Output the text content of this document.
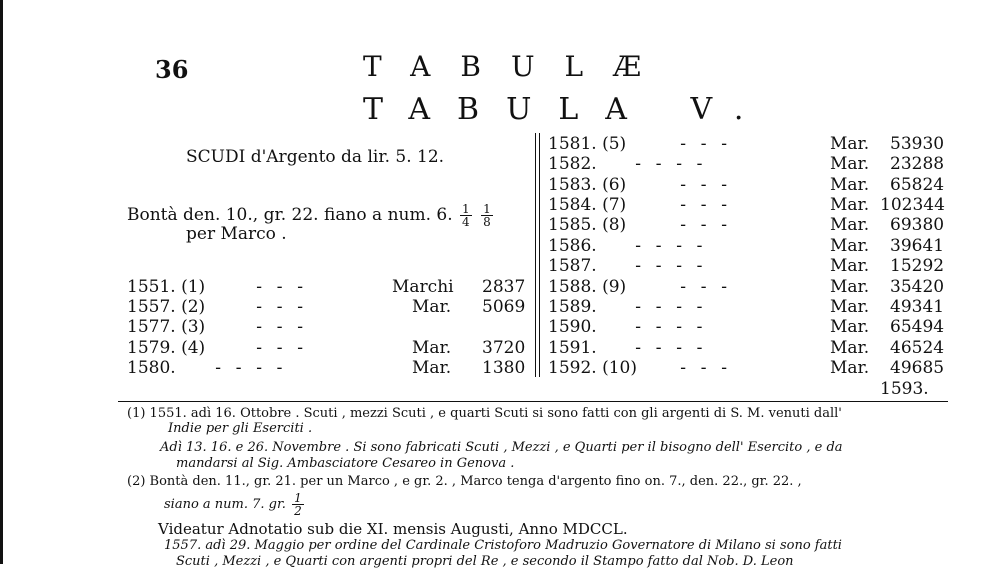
36	TABULÆ
TABULA V.
SCUDI d'Argento da lir. 5. 12.
Bontà den. 10., gr. 22. fiano a num. 6. $\frac{1}{4}$
$\frac{1}{8}$
per Marco .
1551. (1)	- - -	Marchi 2837
1557. (2)	- - -	Mar. 5069
1577. (3)	- - -
1579. (4)	- - -	Mar. 3720
1580. - - - -	Mar. 1380
1581. (5)	- - -	Mar. 53930
1582. - - - -	Mar. 23288
1583. (6)	- - -	Mar. 65824
1584. (7)	- - -	Mar. 102344
1585. (8)	- - -	Mar. 69380
1586. - - - -	Mar. 39641
1587. - - - -	Mar. 15292
1588. (9)	- - -	Mar. 35420
1589. - - - -	Mar. 49341
1590. - - - -	Mar. 65494
1591. - - - -	Mar. 46524
1592. (10) - - -	Mar. 49685
1593.
(1) 1551. adì 16. Ottobre . Scuti , mezzi Scuti , e quarti Scuti si sono fatti con gli argenti di S. M. venuti dall'
Indie per gli Eserciti .
Adì 13. 16. e 26. Novembre . Si sono fabricati Scuti , Mezzi , e Quarti per il bisogno dell' Esercito , e da
mandarsi al Sig. Ambasciatore Cesareo in Genova .
(2) Bontà den. 11., gr. 21. per un Marco , e gr. 2. , Marco tenga d'argento fino on. 7., den. 22., gr. 22. ,
siano a num. 7. gr. $\frac{1}{2}$
Videatur Adnotatio sub die XI. mensis Augusti, Anno MDCCL.
1557. adì 29. Maggio per ordine del Cardinale Cristoforo Madruzio Governatore di Milano si sono fatti
Scuti , Mezzi , e Quarti con argenti propri del Re , e secondo il Stampo fatto dal Nob. D. Leon
